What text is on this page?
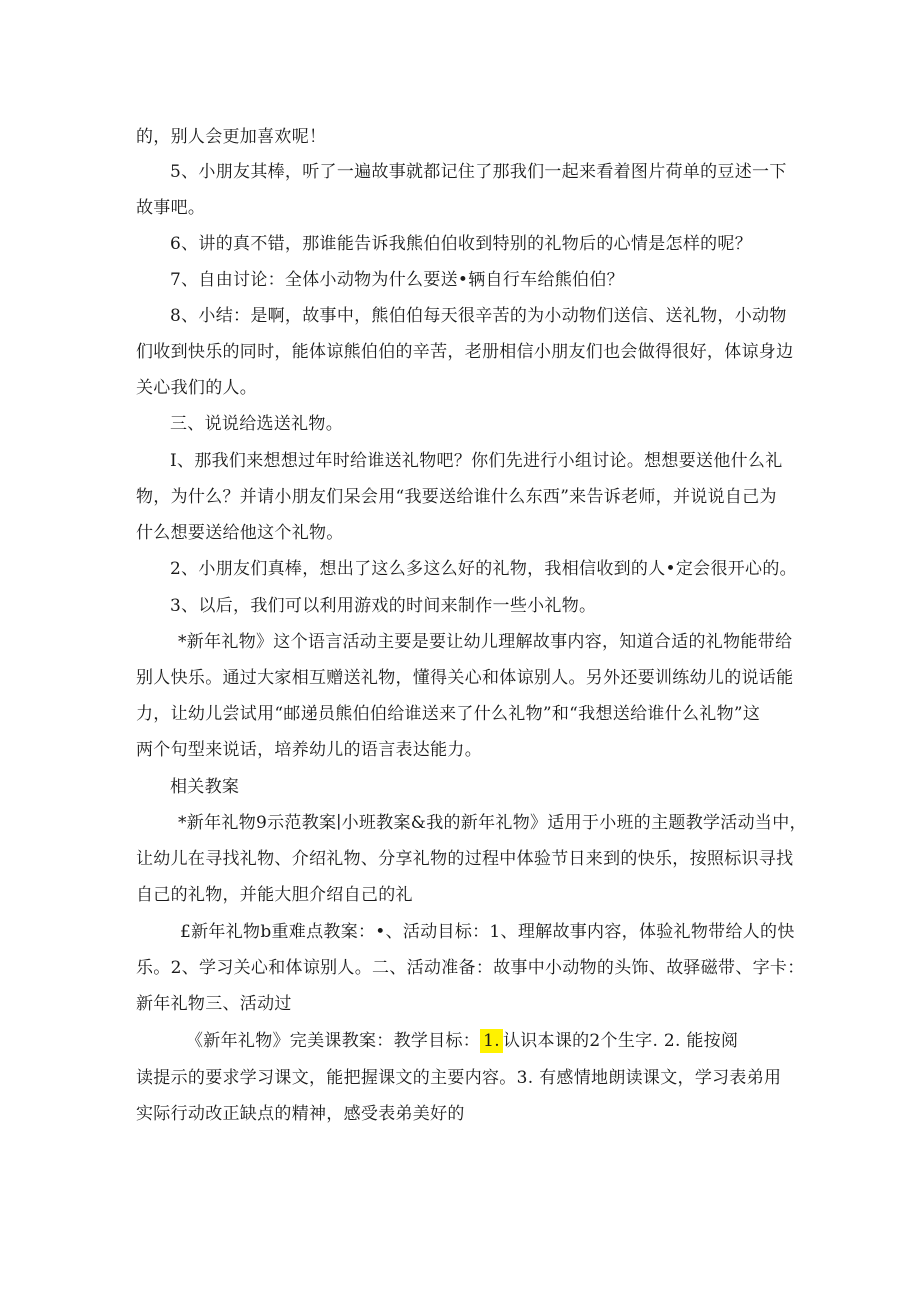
的，别人会更加喜欢呢！
5、小朋友其棒，听了一遍故事就都记住了那我们一起来看着图片荷单的豆述一下
故事吧。
6、讲的真不错，那谁能告诉我熊伯伯收到特别的礼物后的心情是怎样的呢？
7、自由讨论：全体小动物为什么要送•辆自行车给熊伯伯？
8、小结：是啊，故事中，熊伯伯每天很辛苦的为小动物们送信、送礼物，小动物
们收到快乐的同时，能体谅熊伯伯的辛苦，老册相信小朋友们也会做得很好，体谅身边
关心我们的人。
三、说说给选送礼物。
I、那我们来想想过年时给谁送礼物吧？你们先进行小组讨论。想想要送他什么礼
物，为什么？并请小朋友们呆会用“我要送给谁什么东西”来告诉老师，并说说自己为
什么想要送给他这个礼物。
2、小朋友们真棒，想出了这么多这么好的礼物，我相信收到的人•定会很开心的。
3、以后，我们可以利用游戏的时间来制作一些小礼物。
*新年礼物》这个语言活动主要是要让幼儿理解故事内容，知道合适的礼物能带给
别人快乐。通过大家相互赠送礼物，懂得关心和体谅别人。另外还要训练幼儿的说话能
力，让幼儿尝试用“邮递员熊伯伯给谁送来了什么礼物”和“我想送给谁什么礼物”这
两个句型来说话，培养幼儿的语言表达能力。
相关教案
*新年礼物9示范教案∣小班教案&我的新年礼物》适用于小班的主题教学活动当中，
让幼儿在寻找礼物、介绍礼物、分享礼物的过程中体验节日来到的快乐，按照标识寻找
自己的礼物，并能大胆介绍自己的礼
£新年礼物b重难点教案：•、活动目标：1、理解故事内容，体验礼物带给人的快
乐。2、学习关心和体谅别人。二、活动准备：故事中小动物的头饰、故驿磁带、字卡：
新年礼物三、活动过
《新年礼物》完美课教案：教学目标： 1. 认识本课的2个生字. 2. 能按阅
读提示的要求学习课文，能把握课文的主要内容。3. 有感情地朗读课文，学习表弟用
实际行动改正缺点的精神，感受表弟美好的
